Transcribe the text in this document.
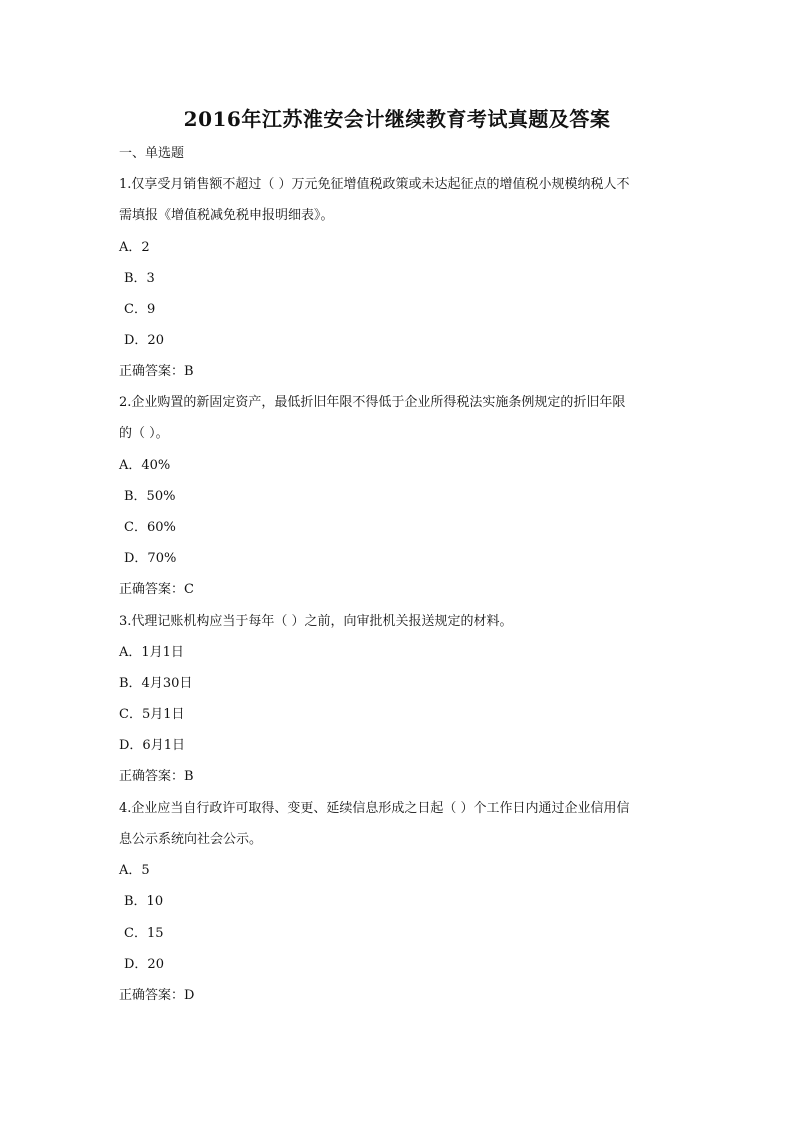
2016年江苏淮安会计继续教育考试真题及答案
一、单选题
1.仅享受月销售额不超过（ ）万元免征增值税政策或未达起征点的增值税小规模纳税人不
需填报《增值税减免税申报明细表》。
A．2
B．3
C．9
D．20
正确答案：B
2.企业购置的新固定资产，最低折旧年限不得低于企业所得税法实施条例规定的折旧年限
的（ ）。
A．40%
B．50%
C．60%
D．70%
正确答案：C
3.代理记账机构应当于每年（ ）之前，向审批机关报送规定的材料。
A．1月1日
B．4月30日
C．5月1日
D．6月1日
正确答案：B
4.企业应当自行政许可取得、变更、延续信息形成之日起（ ）个工作日内通过企业信用信
息公示系统向社会公示。
A．5
B．10
C．15
D．20
正确答案：D
